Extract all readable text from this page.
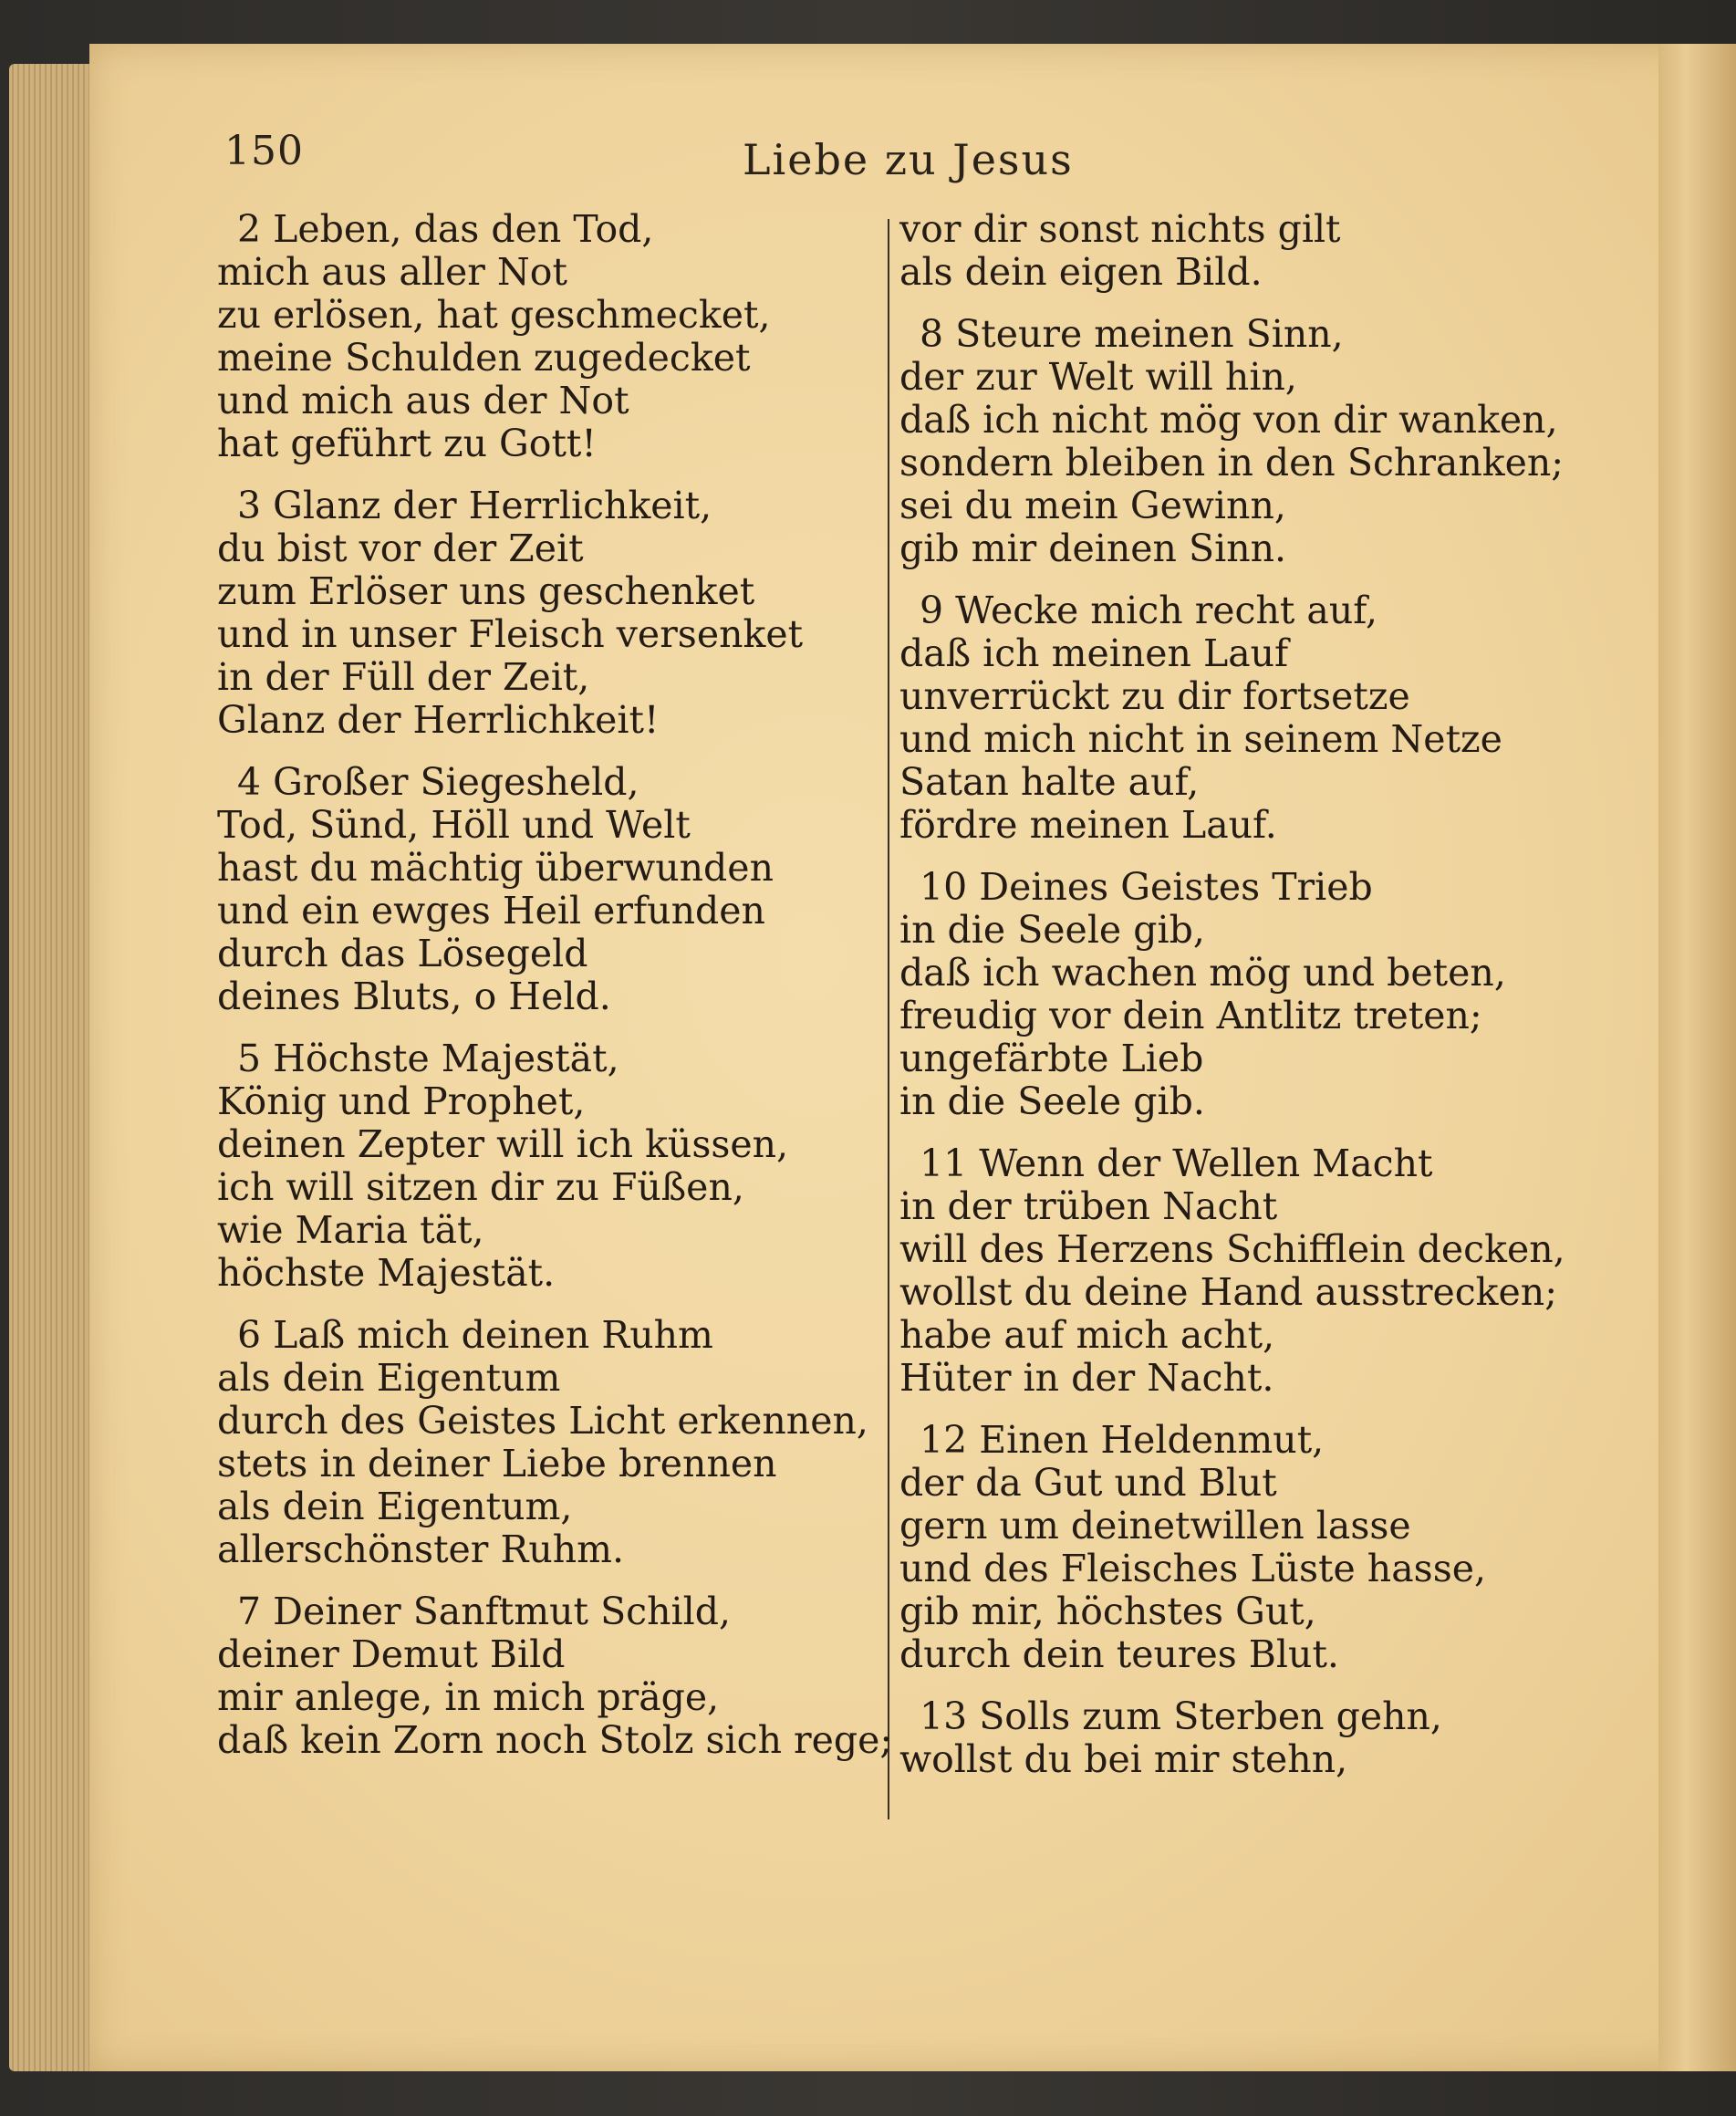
150	Liebe zu Jesus
2 Leben, das den Tod,
mich aus aller Not
zu erlösen, hat geschmecket,
meine Schulden zugedecket
und mich aus der Not
hat geführt zu Gott!
3 Glanz der Herrlichkeit,
du bist vor der Zeit
zum Erlöser uns geschenket
und in unser Fleisch versenket
in der Füll der Zeit,
Glanz der Herrlichkeit!
4 Großer Siegesheld,
Tod, Sünd, Höll und Welt
hast du mächtig überwunden
und ein ewges Heil erfunden
durch das Lösegeld
deines Bluts, o Held.
5 Höchste Majestät,
König und Prophet,
deinen Zepter will ich küssen,
ich will sitzen dir zu Füßen,
wie Maria tät,
höchste Majestät.
6 Laß mich deinen Ruhm
als dein Eigentum
durch des Geistes Licht erkennen,
stets in deiner Liebe brennen
als dein Eigentum,
allerschönster Ruhm.
7 Deiner Sanftmut Schild,
deiner Demut Bild
mir anlege, in mich präge,
daß kein Zorn noch Stolz sich rege;
vor dir sonst nichts gilt
als dein eigen Bild.
8 Steure meinen Sinn,
der zur Welt will hin,
daß ich nicht mög von dir wanken,
sondern bleiben in den Schranken;
sei du mein Gewinn,
gib mir deinen Sinn.
9 Wecke mich recht auf,
daß ich meinen Lauf
unverrückt zu dir fortsetze
und mich nicht in seinem Netze
Satan halte auf,
fördre meinen Lauf.
10 Deines Geistes Trieb
in die Seele gib,
daß ich wachen mög und beten,
freudig vor dein Antlitz treten;
ungefärbte Lieb
in die Seele gib.
11 Wenn der Wellen Macht
in der trüben Nacht
will des Herzens Schifflein decken,
wollst du deine Hand ausstrecken;
habe auf mich acht,
Hüter in der Nacht.
12 Einen Heldenmut,
der da Gut und Blut
gern um deinetwillen lasse
und des Fleisches Lüste hasse,
gib mir, höchstes Gut,
durch dein teures Blut.
13 Solls zum Sterben gehn,
wollst du bei mir stehn,
